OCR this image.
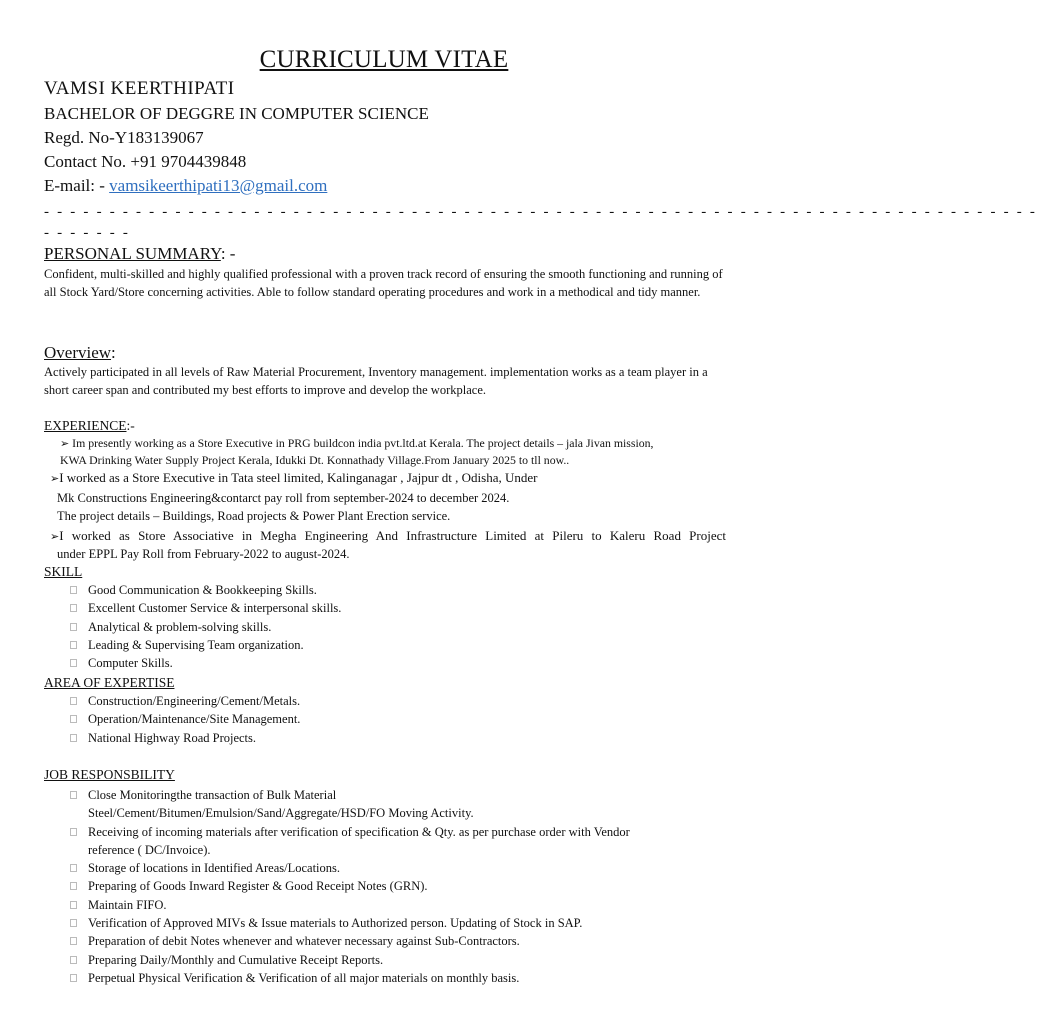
CURRICULUM VITAE
VAMSI KEERTHIPATI
BACHELOR OF DEGGRE IN COMPUTER SCIENCE
Regd. No-Y183139067
Contact No. +91 9704439848
E-mail: - vamsikeerthipati13@gmail.com
- - - - - - - - - - - - - - - - - - - - - - - - - - - - - - - - - - - - - - - - - - - - - - - - - - - - - - - - - - - - - - - - - - - - - - - - - - - -
- - - - - - -
PERSONAL SUMMARY: -
Confident, multi-skilled and highly qualified professional with a proven track record of ensuring the smooth functioning and running of all Stock Yard/Store concerning activities. Able to follow standard operating procedures and work in a methodical and tidy manner.
Overview:
Actively participated in all levels of Raw Material Procurement, Inventory management. implementation works as a team player in a short career span and contributed my best efforts to improve and develop the workplace.
EXPERIENCE:-
➢ Im presently working as a Store Executive in PRG buildcon india pvt.ltd.at Kerala. The project details – jala Jivan mission,
KWA Drinking Water Supply Project Kerala, Idukki Dt. Konnathady Village.From January 2025 to tll now..
➢I worked as a Store Executive in Tata steel limited, Kalinganagar , Jajpur dt , Odisha, Under
Mk Constructions Engineering&contarct pay roll from september-2024 to december 2024.
The project details – Buildings, Road projects & Power Plant Erection service.
➢I worked as Store Associative in Megha Engineering And Infrastructure Limited at Pileru to Kaleru Road Project
under EPPL Pay Roll from February-2022 to august-2024.
SKILL
Good Communication & Bookkeeping Skills.
Excellent Customer Service & interpersonal skills.
Analytical & problem-solving skills.
Leading & Supervising Team organization.
Computer Skills.
AREA OF EXPERTISE
Construction/Engineering/Cement/Metals.
Operation/Maintenance/Site Management.
National Highway Road Projects.
JOB RESPONSBILITY
Close Monitoringthe transaction of Bulk Material
Steel/Cement/Bitumen/Emulsion/Sand/Aggregate/HSD/FO Moving Activity.
Receiving of incoming materials after verification of specification & Qty. as per purchase order with Vendor
reference ( DC/Invoice).
Storage of locations in Identified Areas/Locations.
Preparing of Goods Inward Register & Good Receipt Notes (GRN).
Maintain FIFO.
Verification of Approved MIVs & Issue materials to Authorized person. Updating of Stock in SAP.
Preparation of debit Notes whenever and whatever necessary against Sub-Contractors.
Preparing Daily/Monthly and Cumulative Receipt Reports.
Perpetual Physical Verification & Verification of all major materials on monthly basis.
